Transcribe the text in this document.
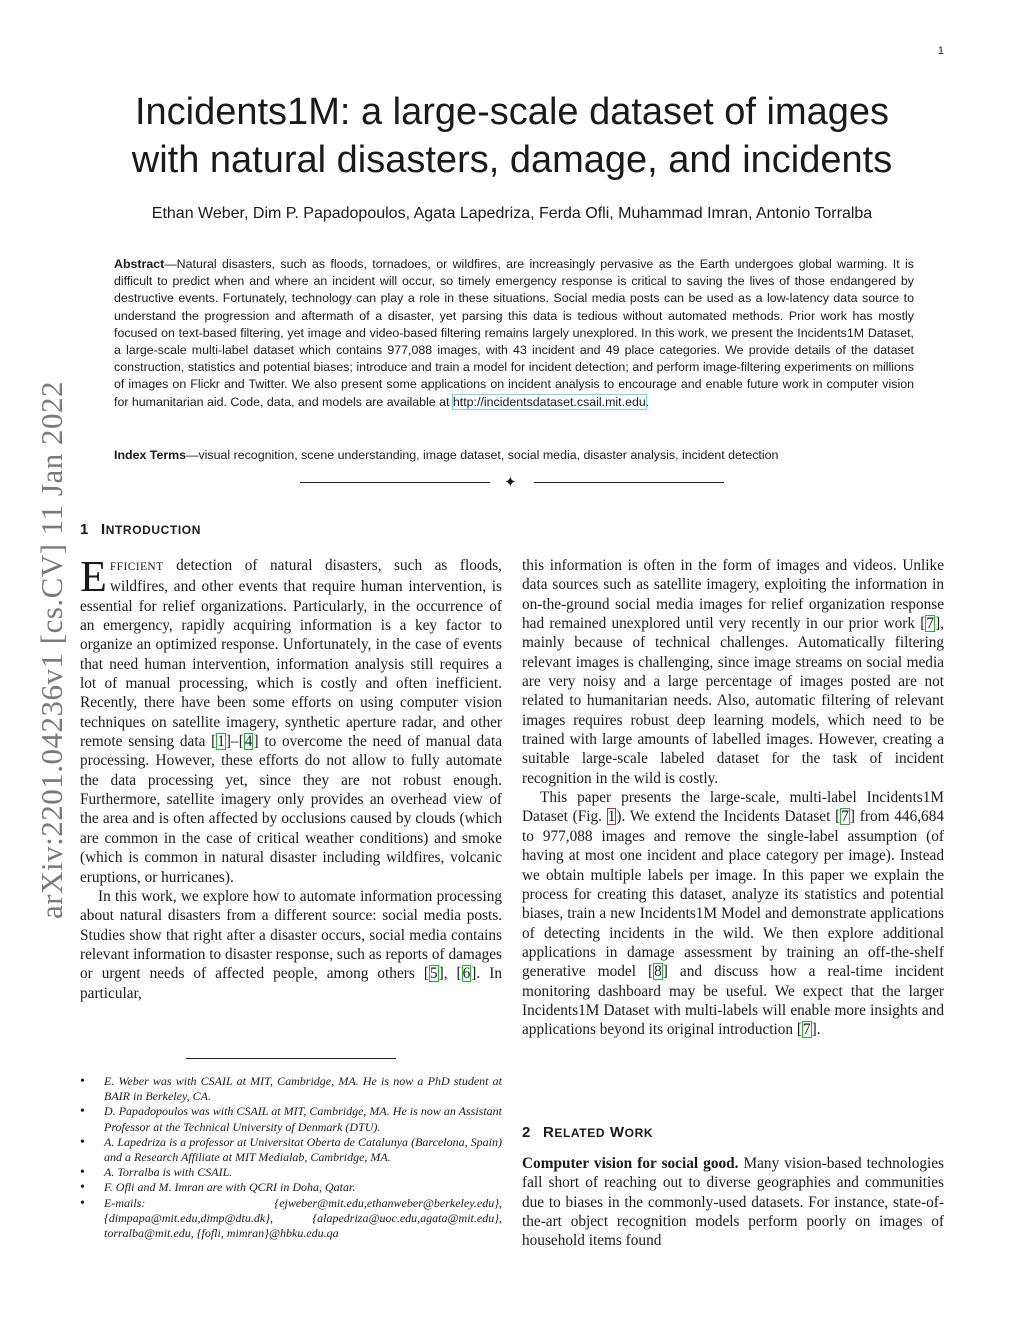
1
arXiv:2201.04236v1 [cs.CV] 11 Jan 2022
Incidents1M: a large-scale dataset of images
with natural disasters, damage, and incidents
Ethan Weber, Dim P. Papadopoulos, Agata Lapedriza, Ferda Ofli, Muhammad Imran, Antonio Torralba

Abstract—Natural disasters, such as floods, tornadoes, or wildfires, are increasingly pervasive as the Earth undergoes global warming. It is difficult to predict when and where an incident will occur, so timely emergency response is critical to saving the lives of those endangered by destructive events. Fortunately, technology can play a role in these situations. Social media posts can be used as a low-latency data source to understand the progression and aftermath of a disaster, yet parsing this data is tedious without automated methods. Prior work has mostly focused on text-based filtering, yet image and video-based filtering remains largely unexplored. In this work, we present the Incidents1M Dataset, a large-scale multi-label dataset which contains 977,088 images, with 43 incident and 49 place categories. We provide details of the dataset construction, statistics and potential biases; introduce and train a model for incident detection; and perform image-filtering experiments on millions of images on Flickr and Twitter. We also present some applications on incident analysis to encourage and enable future work in computer vision for humanitarian aid. Code, data, and models are available at http://incidentsdataset.csail.mit.edu.

Index Terms—visual recognition, scene understanding, image dataset, social media, disaster analysis, incident detection
✦
1 INTRODUCTION

EFFICIENT detection of natural disasters, such as floods, wildfires, and other events that require human intervention, is essential for relief organizations. Particularly, in the occurrence of an emergency, rapidly acquiring information is a key factor to organize an optimized response. Unfortunately, in the case of events that need human intervention, information analysis still requires a lot of manual processing, which is costly and often inefficient. Recently, there have been some efforts on using computer vision techniques on satellite imagery, synthetic aperture radar, and other remote sensing data [1]–[4] to overcome the need of manual data processing. However, these efforts do not allow to fully automate the data processing yet, since they are not robust enough. Furthermore, satellite imagery only provides an overhead view of the area and is often affected by occlusions caused by clouds (which are common in the case of critical weather conditions) and smoke (which is common in natural disaster including wildfires, volcanic eruptions, or hurricanes).

In this work, we explore how to automate information processing about natural disasters from a different source: social media posts. Studies show that right after a disaster occurs, social media contains relevant information to disaster response, such as reports of damages or urgent needs of affected people, among others [5], [6]. In particular,

this information is often in the form of images and videos. Unlike data sources such as satellite imagery, exploiting the information in on-the-ground social media images for relief organization response had remained unexplored until very recently in our prior work [7], mainly because of technical challenges. Automatically filtering relevant images is challenging, since image streams on social media are very noisy and a large percentage of images posted are not related to humanitarian needs. Also, automatic filtering of relevant images requires robust deep learning models, which need to be trained with large amounts of labelled images. However, creating a suitable large-scale labeled dataset for the task of incident recognition in the wild is costly.

This paper presents the large-scale, multi-label Incidents1M Dataset (Fig. 1). We extend the Incidents Dataset [7] from 446,684 to 977,088 images and remove the single-label assumption (of having at most one incident and place category per image). Instead we obtain multiple labels per image. In this paper we explain the process for creating this dataset, analyze its statistics and potential biases, train a new Incidents1M Model and demonstrate applications of detecting incidents in the wild. We then explore additional applications in damage assessment by training an off-the-shelf generative model [8] and discuss how a real-time incident monitoring dashboard may be useful. We expect that the larger Incidents1M Dataset with multi-labels will enable more insights and applications beyond its original introduction [7].

• E. Weber was with CSAIL at MIT, Cambridge, MA. He is now a PhD student at BAIR in Berkeley, CA.
• D. Papadopoulos was with CSAIL at MIT, Cambridge, MA. He is now an Assistant Professor at the Technical University of Denmark (DTU).
• A. Lapedriza is a professor at Universitat Oberta de Catalunya (Barcelona, Spain) and a Research Affiliate at MIT Medialab, Cambridge, MA.
• A. Torralba is with CSAIL.
• F. Ofli and M. Imran are with QCRI in Doha, Qatar.
• E-mails: {ejweber@mit.edu,ethanweber@berkeley.edu}, {dimpapa@mit.edu,dimp@dtu.dk}, {alapedriza@uoc.edu,agata@mit.edu}, torralba@mit.edu, {fofli, mimran}@hbku.edu.qa
2 RELATED WORK
Computer vision for social good. Many vision-based technologies fall short of reaching out to diverse geographies and communities due to biases in the commonly-used datasets. For instance, state-of-the-art object recognition models perform poorly on images of household items found
